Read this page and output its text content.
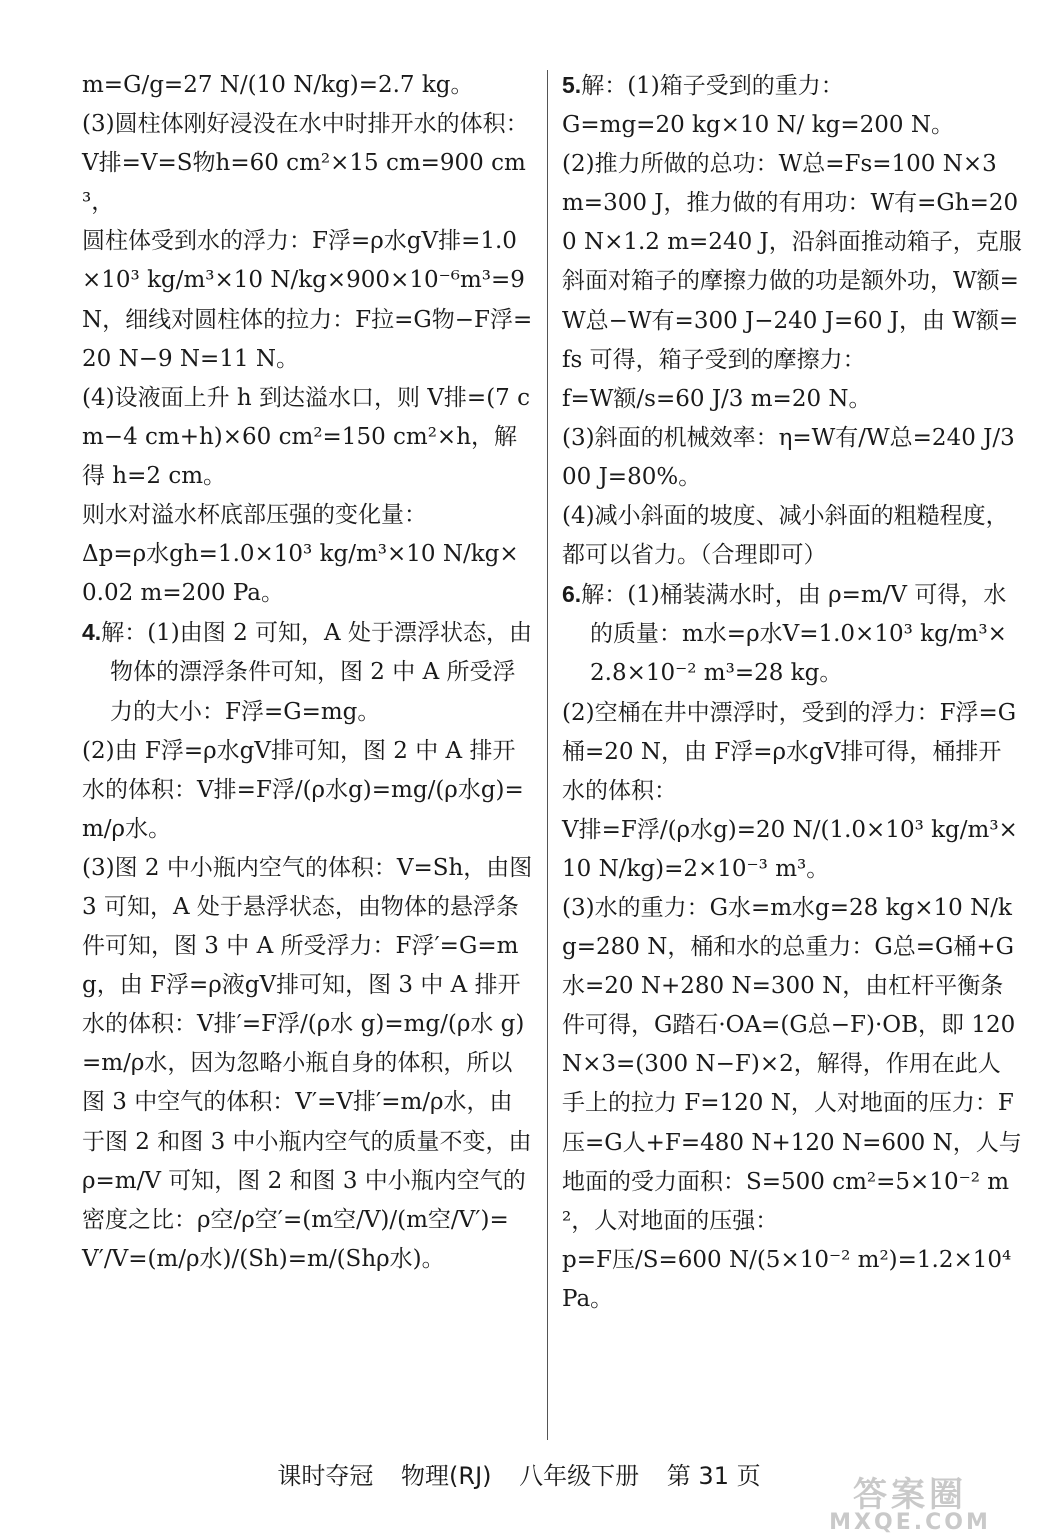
m=G/g=27 N/(10 N/kg)=2.7 kg。

(3)圆柱体刚好浸没在水中时排开水的体积：V排=V=S物h=60 cm²×15 cm=900 cm³，

圆柱体受到水的浮力：F浮=ρ水gV排=1.0×10³ kg/m³×10 N/kg×900×10⁻⁶m³=9 N，细线对圆柱体的拉力：F拉=G物−F浮=20 N−9 N=11 N。

(4)设液面上升 h 到达溢水口，则 V排=(7 cm−4 cm+h)×60 cm²=150 cm²×h，解得 h=2 cm。

则水对溢水杯底部压强的变化量：

Δp=ρ水gh=1.0×10³ kg/m³×10 N/kg×0.02 m=200 Pa。

4.解：(1)由图 2 可知，A 处于漂浮状态，由物体的漂浮条件可知，图 2 中 A 所受浮力的大小：F浮=G=mg。

(2)由 F浮=ρ水gV排可知，图 2 中 A 排开水的体积：V排=F浮/(ρ水g)=mg/(ρ水g)=m/ρ水。

(3)图 2 中小瓶内空气的体积：V=Sh，由图 3 可知，A 处于悬浮状态，由物体的悬浮条件可知，图 3 中 A 所受浮力：F浮′=G=mg，由 F浮=ρ液gV排可知，图 3 中 A 排开水的体积：V排′=F浮/(ρ水 g)=mg/(ρ水 g)=m/ρ水，因为忽略小瓶自身的体积，所以图 3 中空气的体积：V′=V排′=m/ρ水，由于图 2 和图 3 中小瓶内空气的质量不变，由 ρ=m/V 可知，图 2 和图 3 中小瓶内空气的密度之比：ρ空/ρ空′=(m空/V)/(m空/V′)=

V′/V=(m/ρ水)/(Sh)=m/(Shρ水)。

5.解：(1)箱子受到的重力：

G=mg=20 kg×10 N/ kg=200 N。

(2)推力所做的总功：W总=Fs=100 N×3 m=300 J，推力做的有用功：W有=Gh=200 N×1.2 m=240 J，沿斜面推动箱子，克服斜面对箱子的摩擦力做的功是额外功，W额=W总−W有=300 J−240 J=60 J，由 W额=fs 可得，箱子受到的摩擦力：

f=W额/s=60 J/3 m=20 N。

(3)斜面的机械效率：η=W有/W总=240 J/300 J=80%。

(4)减小斜面的坡度、减小斜面的粗糙程度，都可以省力。（合理即可）

6.解：(1)桶装满水时，由 ρ=m/V 可得，水的质量：m水=ρ水V=1.0×10³ kg/m³×2.8×10⁻² m³=28 kg。

(2)空桶在井中漂浮时，受到的浮力：F浮=G桶=20 N，由 F浮=ρ水gV排可得，桶排开水的体积：

V排=F浮/(ρ水g)=20 N/(1.0×10³ kg/m³×10 N/kg)=2×10⁻³ m³。

(3)水的重力：G水=m水g=28 kg×10 N/kg=280 N，桶和水的总重力：G总=G桶+G水=20 N+280 N=300 N，由杠杆平衡条件可得，G踏石·OA=(G总−F)·OB，即 120 N×3=(300 N−F)×2，解得，作用在此人手上的拉力 F=120 N，人对地面的压力：F压=G人+F=480 N+120 N=600 N，人与地面的受力面积：S=500 cm²=5×10⁻² m²，人对地面的压强：

p=F压/S=600 N/(5×10⁻² m²)=1.2×10⁴ Pa。

课时夺冠 物理(RJ) 八年级下册 第 31 页	答案圈
MXQE.COM
